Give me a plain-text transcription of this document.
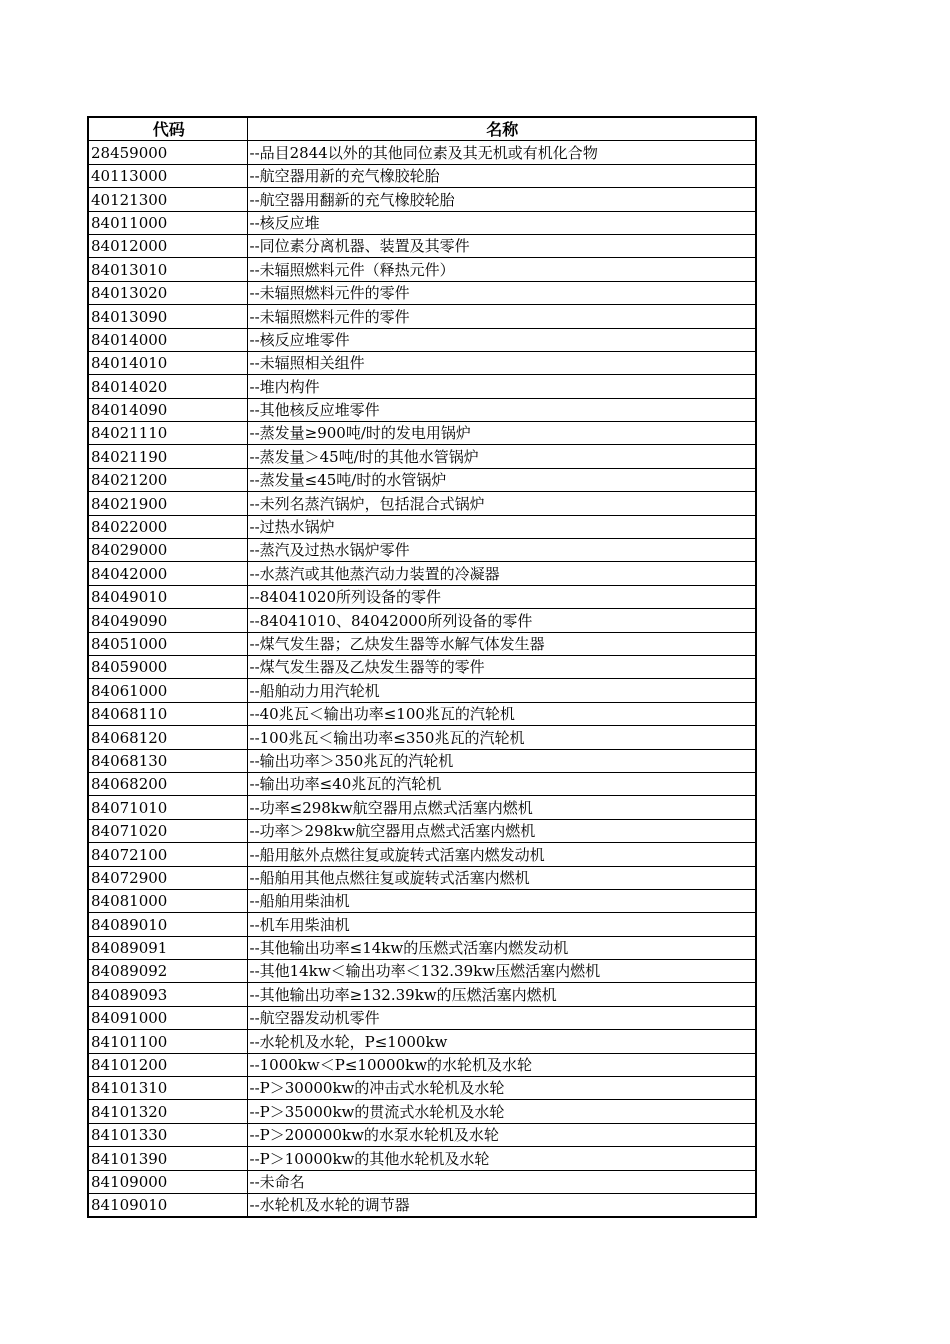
代码	名称
28459000	--品目2844以外的其他同位素及其无机或有机化合物
40113000	--航空器用新的充气橡胶轮胎
40121300	--航空器用翻新的充气橡胶轮胎
84011000	--核反应堆
84012000	--同位素分离机器、装置及其零件
84013010	--未辐照燃料元件（释热元件）
84013020	--未辐照燃料元件的零件
84013090	--未辐照燃料元件的零件
84014000	--核反应堆零件
84014010	--未辐照相关组件
84014020	--堆内构件
84014090	--其他核反应堆零件
84021110	--蒸发量≥900吨/时的发电用锅炉
84021190	--蒸发量＞45吨/时的其他水管锅炉
84021200	--蒸发量≤45吨/时的水管锅炉
84021900	--未列名蒸汽锅炉，包括混合式锅炉
84022000	--过热水锅炉
84029000	--蒸汽及过热水锅炉零件
84042000	--水蒸汽或其他蒸汽动力装置的冷凝器
84049010	--84041020所列设备的零件
84049090	--84041010、84042000所列设备的零件
84051000	--煤气发生器；乙炔发生器等水解气体发生器
84059000	--煤气发生器及乙炔发生器等的零件
84061000	--船舶动力用汽轮机
84068110	--40兆瓦＜输出功率≤100兆瓦的汽轮机
84068120	--100兆瓦＜输出功率≤350兆瓦的汽轮机
84068130	--输出功率＞350兆瓦的汽轮机
84068200	--输出功率≤40兆瓦的汽轮机
84071010	--功率≤298kw航空器用点燃式活塞内燃机
84071020	--功率＞298kw航空器用点燃式活塞内燃机
84072100	--船用舷外点燃往复或旋转式活塞内燃发动机
84072900	--船舶用其他点燃往复或旋转式活塞内燃机
84081000	--船舶用柴油机
84089010	--机车用柴油机
84089091	--其他输出功率≤14kw的压燃式活塞内燃发动机
84089092	--其他14kw＜输出功率＜132.39kw压燃活塞内燃机
84089093	--其他输出功率≥132.39kw的压燃活塞内燃机
84091000	--航空器发动机零件
84101100	--水轮机及水轮，P≤1000kw
84101200	--1000kw＜P≤10000kw的水轮机及水轮
84101310	--P＞30000kw的冲击式水轮机及水轮
84101320	--P＞35000kw的贯流式水轮机及水轮
84101330	--P＞200000kw的水泵水轮机及水轮
84101390	--P＞10000kw的其他水轮机及水轮
84109000	--未命名
84109010	--水轮机及水轮的调节器
